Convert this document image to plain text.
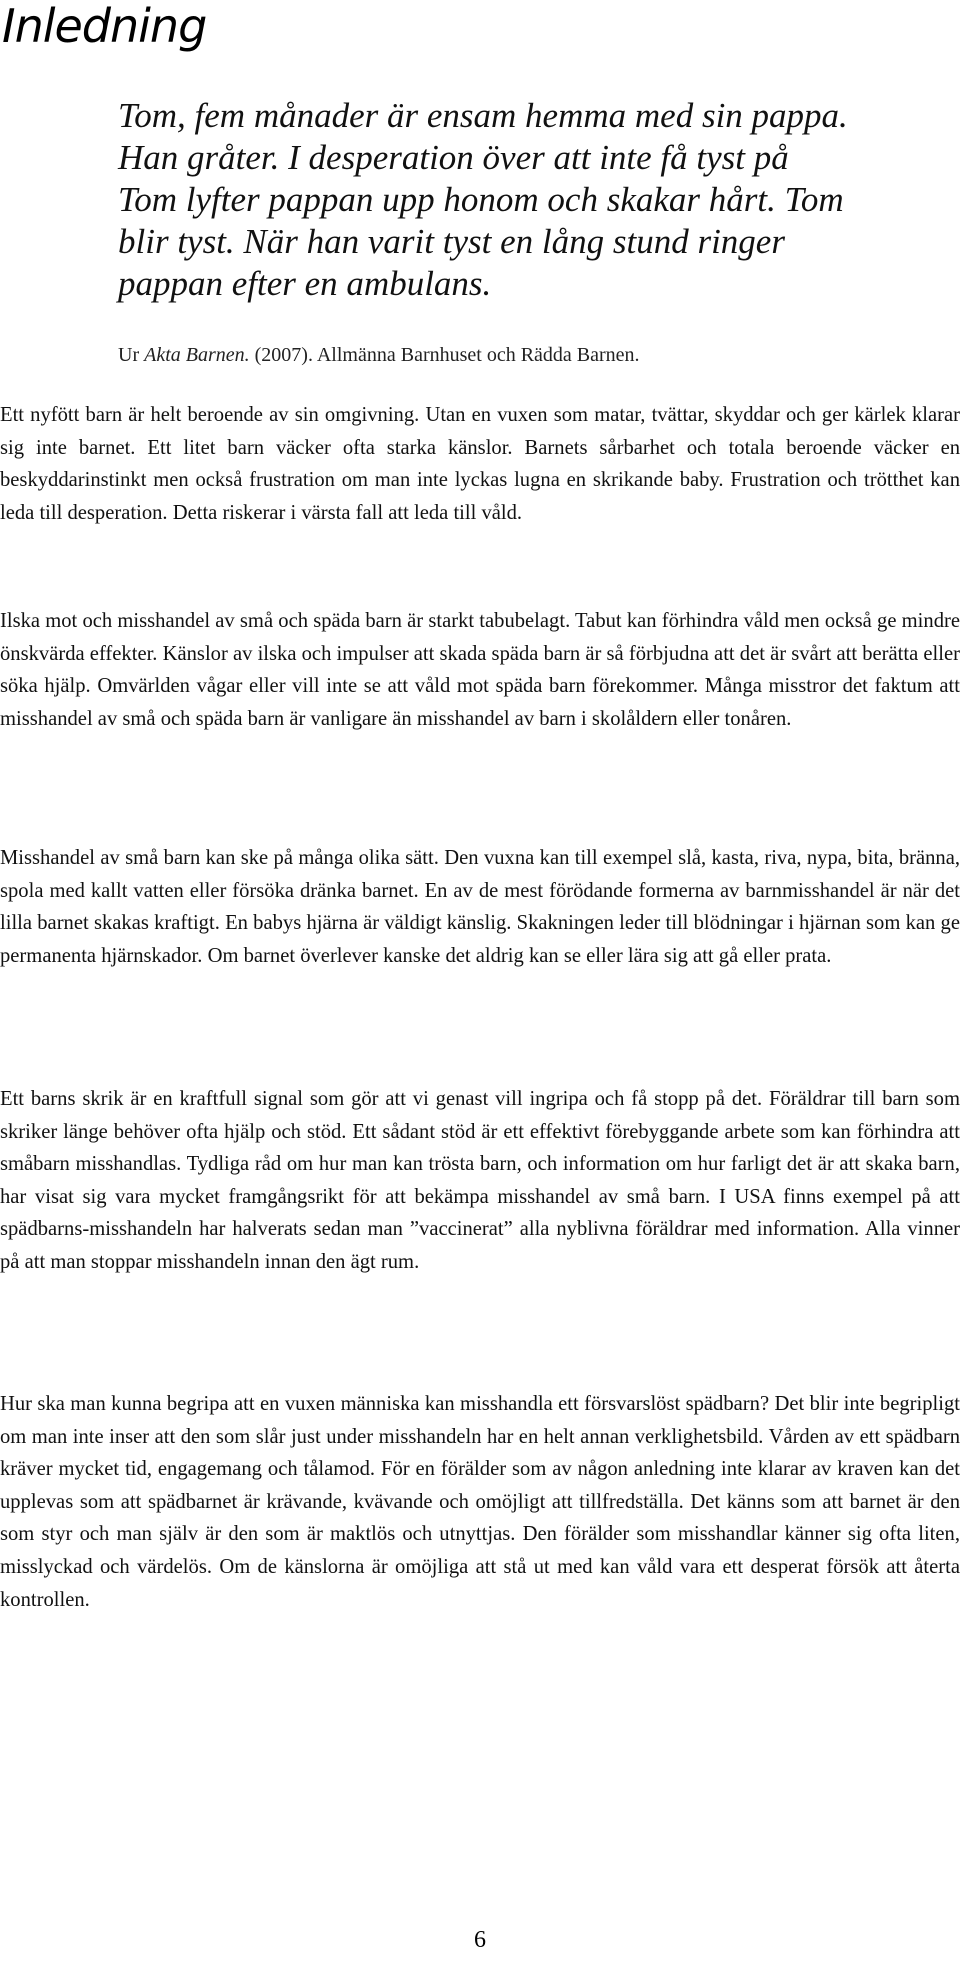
Inledning

Tom, fem månader är ensam hemma med sin pappa. Han gråter. I desperation över att inte få tyst på Tom lyfter pappan upp honom och skakar hårt. Tom blir tyst. När han varit tyst en lång stund ringer pappan efter en ambulans.

Ur Akta Barnen. (2007). Allmänna Barnhuset och Rädda Barnen.

Ett nyfött barn är helt beroende av sin omgivning. Utan en vuxen som matar, tvättar, skyddar och ger kärlek klarar sig inte barnet. Ett litet barn väcker ofta starka känslor. Barnets sårbarhet och totala beroende väcker en beskyddarinstinkt men också frustration om man inte lyckas lugna en skrikande baby. Frustration och trötthet kan leda till desperation. Detta riskerar i värsta fall att leda till våld.

Ilska mot och misshandel av små och späda barn är starkt tabubelagt. Tabut kan förhindra våld men också ge mindre önskvärda effekter. Känslor av ilska och impulser att skada späda barn är så förbjudna att det är svårt att berätta eller söka hjälp. Omvärlden vågar eller vill inte se att våld mot späda barn förekommer. Många misstror det faktum att misshandel av små och späda barn är vanligare än misshandel av barn i skolåldern eller tonåren.

Misshandel av små barn kan ske på många olika sätt. Den vuxna kan till exempel slå, kasta, riva, nypa, bita, bränna, spola med kallt vatten eller försöka dränka barnet. En av de mest förödande formerna av barnmisshandel är när det lilla barnet skakas kraftigt. En babys hjärna är väldigt känslig. Skakningen leder till blödningar i hjärnan som kan ge permanenta hjärnskador. Om barnet överlever kanske det aldrig kan se eller lära sig att gå eller prata.

Ett barns skrik är en kraftfull signal som gör att vi genast vill ingripa och få stopp på det. Föräldrar till barn som skriker länge behöver ofta hjälp och stöd. Ett sådant stöd är ett effektivt förebyggande arbete som kan förhindra att småbarn misshandlas. Tydliga råd om hur man kan trösta barn, och information om hur farligt det är att skaka barn, har visat sig vara mycket framgångsrikt för att bekämpa misshandel av små barn. I USA finns exempel på att spädbarns-misshandeln har halverats sedan man ”vaccinerat” alla nyblivna föräldrar med information. Alla vinner på att man stoppar misshandeln innan den ägt rum.

Hur ska man kunna begripa att en vuxen människa kan misshandla ett försvarslöst spädbarn? Det blir inte begripligt om man inte inser att den som slår just under misshandeln har en helt annan verklighetsbild. Vården av ett spädbarn kräver mycket tid, engagemang och tålamod. För en förälder som av någon anledning inte klarar av kraven kan det upplevas som att spädbarnet är krävande, kvävande och omöjligt att tillfredställa. Det känns som att barnet är den som styr och man själv är den som är maktlös och utnyttjas. Den förälder som misshandlar känner sig ofta liten, misslyckad och värdelös. Om de känslorna är omöjliga att stå ut med kan våld vara ett desperat försök att återta kontrollen.

6
